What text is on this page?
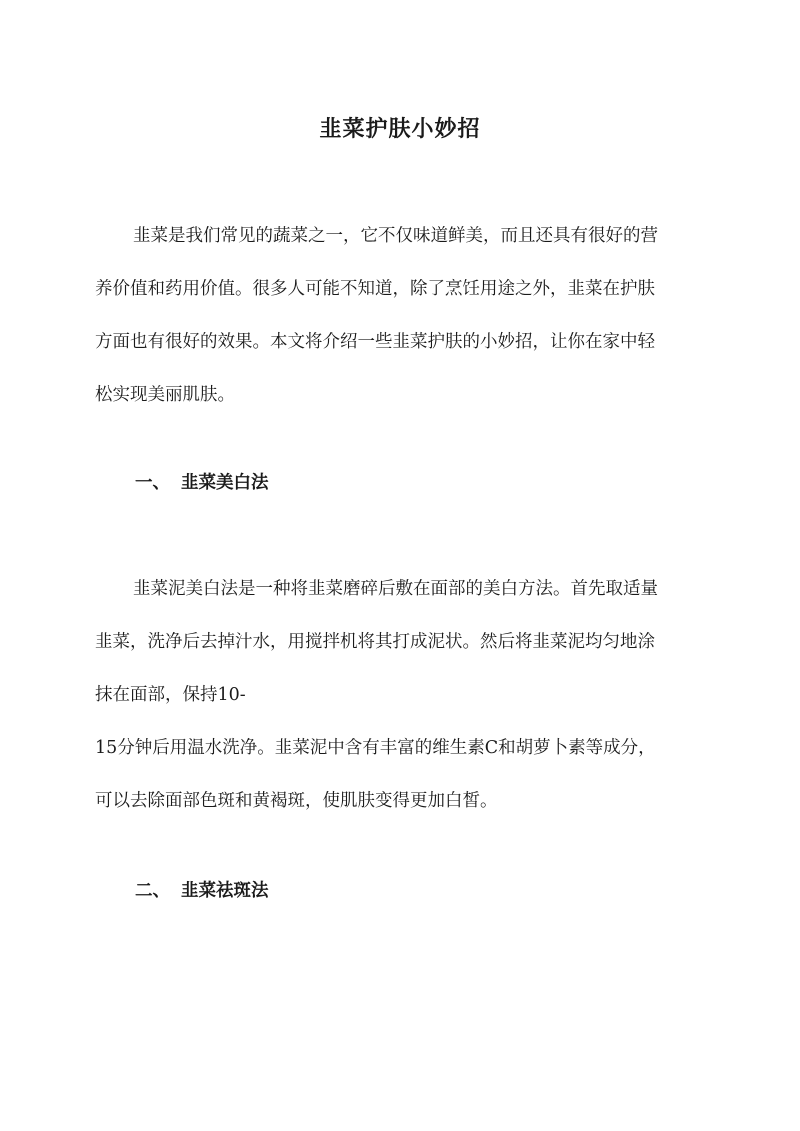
韭菜护肤小妙招

韭菜是我们常见的蔬菜之一，它不仅味道鲜美，而且还具有很好的营
养价值和药用价值。很多人可能不知道，除了烹饪用途之外，韭菜在护肤
方面也有很好的效果。本文将介绍一些韭菜护肤的小妙招，让你在家中轻
松实现美丽肌肤。

一、 韭菜美白法

韭菜泥美白法是一种将韭菜磨碎后敷在面部的美白方法。首先取适量
韭菜，洗净后去掉汁水，用搅拌机将其打成泥状。然后将韭菜泥均匀地涂
抹在面部，保持10-
15分钟后用温水洗净。韭菜泥中含有丰富的维生素C和胡萝卜素等成分，
可以去除面部色斑和黄褐斑，使肌肤变得更加白皙。

二、 韭菜祛斑法
